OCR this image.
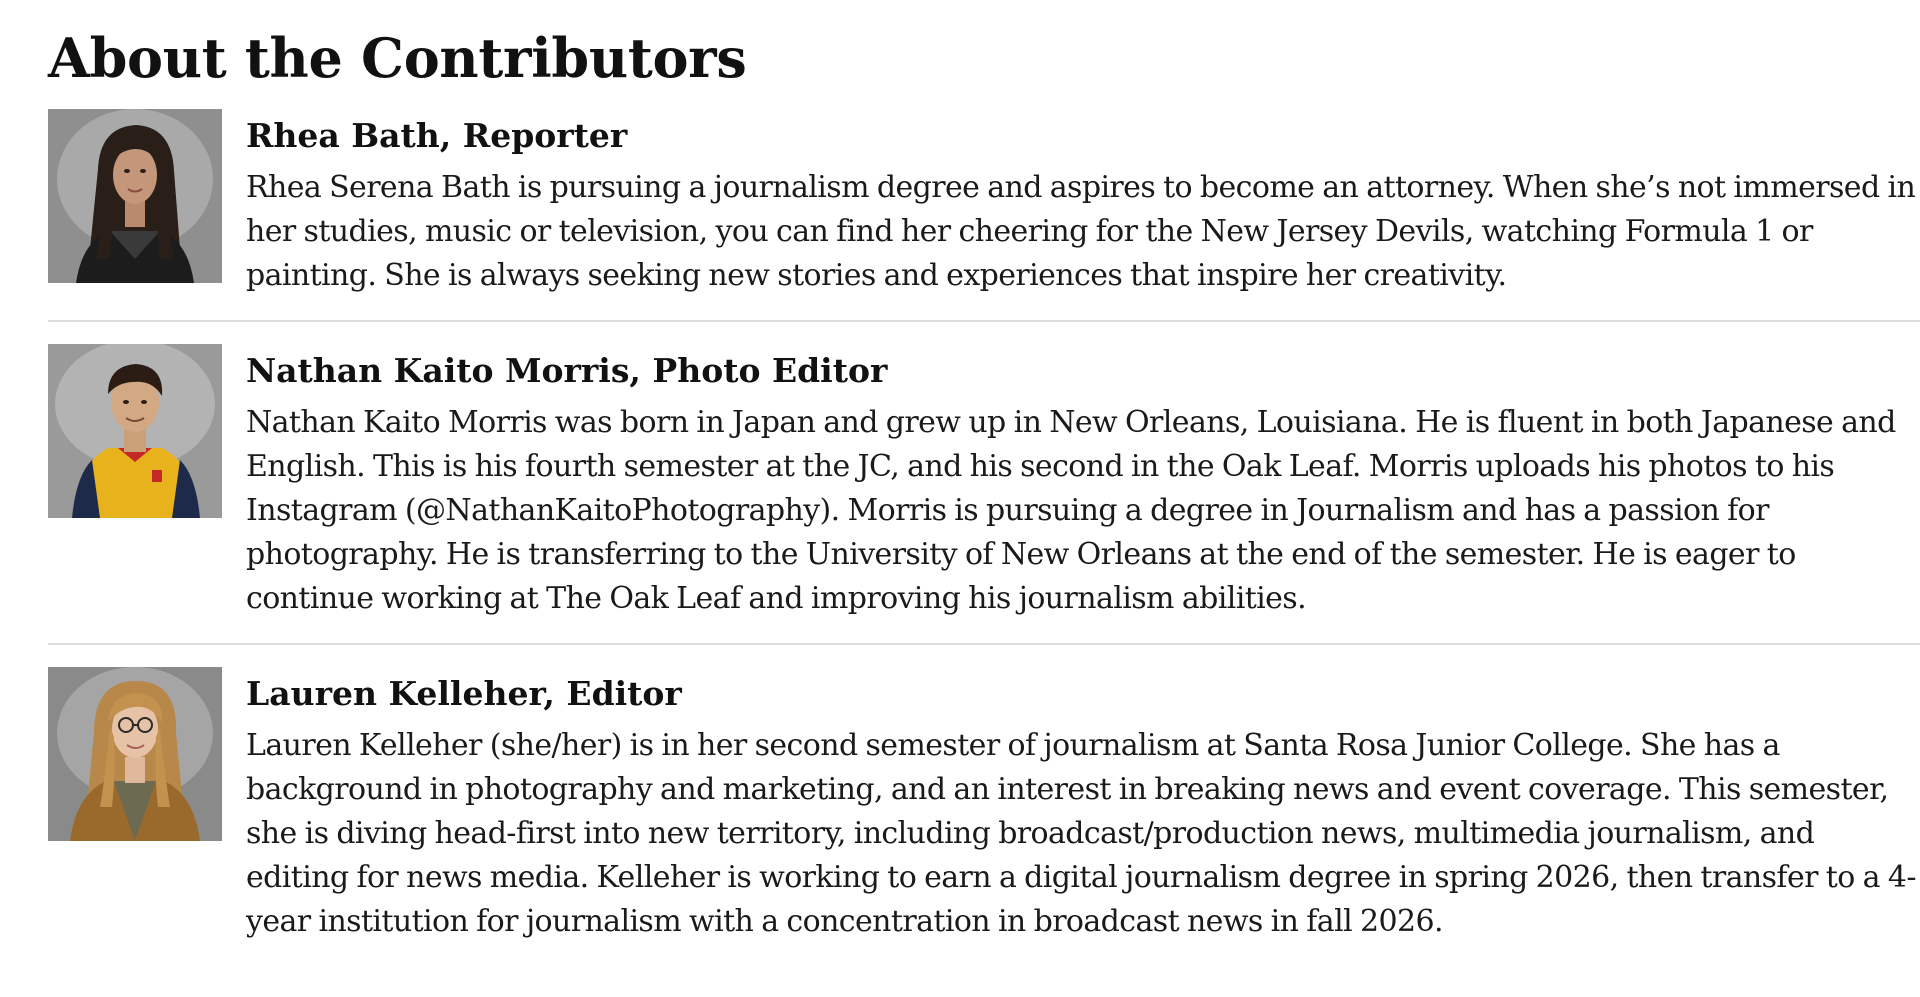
About the Contributors
Rhea Bath, Reporter

Rhea Serena Bath is pursuing a journalism degree and aspires to become an attorney. When she’s not immersed in her studies, music or television, you can find her cheering for the New Jersey Devils, watching Formula 1 or painting. She is always seeking new stories and experiences that inspire her creativity.

Nathan Kaito Morris, Photo Editor

Nathan Kaito Morris was born in Japan and grew up in New Orleans, Louisiana. He is fluent in both Japanese and English. This is his fourth semester at the JC, and his second in the Oak Leaf. Morris uploads his photos to his Instagram (@NathanKaitoPhotography). Morris is pursuing a degree in Journalism and has a passion for photography. He is transferring to the University of New Orleans at the end of the semester. He is eager to continue working at The Oak Leaf and improving his journalism abilities.

Lauren Kelleher, Editor

Lauren Kelleher (she/her) is in her second semester of journalism at Santa Rosa Junior College. She has a background in photography and marketing, and an interest in breaking news and event coverage. This semester, she is diving head-first into new territory, including broadcast/production news, multimedia journalism, and editing for news media. Kelleher is working to earn a digital journalism degree in spring 2026, then transfer to a 4-year institution for journalism with a concentration in broadcast news in fall 2026.
